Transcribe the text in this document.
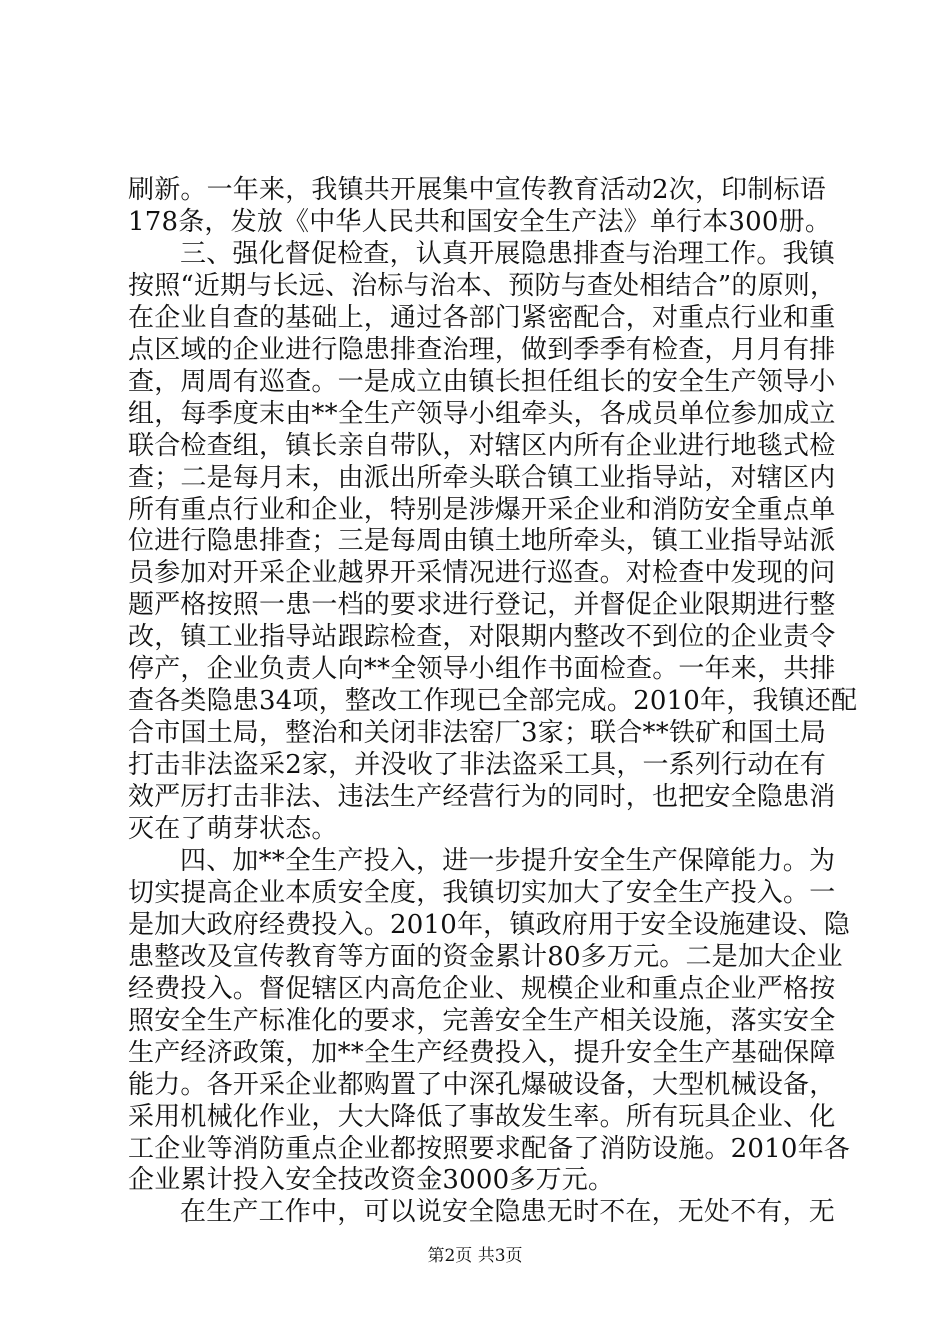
刷新。一年来，我镇共开展集中宣传教育活动2次，印制标语
178条，发放《中华人民共和国安全生产法》单行本300册。
三、强化督促检查，认真开展隐患排查与治理工作。我镇
按照“近期与长远、治标与治本、预防与查处相结合”的原则，
在企业自查的基础上，通过各部门紧密配合，对重点行业和重
点区域的企业进行隐患排查治理，做到季季有检查，月月有排
查，周周有巡查。一是成立由镇长担任组长的安全生产领导小
组，每季度末由**全生产领导小组牵头，各成员单位参加成立
联合检查组，镇长亲自带队，对辖区内所有企业进行地毯式检
查；二是每月末，由派出所牵头联合镇工业指导站，对辖区内
所有重点行业和企业，特别是涉爆开采企业和消防安全重点单
位进行隐患排查；三是每周由镇土地所牵头，镇工业指导站派
员参加对开采企业越界开采情况进行巡查。对检查中发现的问
题严格按照一患一档的要求进行登记，并督促企业限期进行整
改，镇工业指导站跟踪检查，对限期内整改不到位的企业责令
停产，企业负责人向**全领导小组作书面检查。一年来，共排
查各类隐患34项，整改工作现已全部完成。2010年，我镇还配
合市国土局，整治和关闭非法窑厂3家；联合**铁矿和国土局
打击非法盗采2家，并没收了非法盗采工具，一系列行动在有
效严厉打击非法、违法生产经营行为的同时，也把安全隐患消
灭在了萌芽状态。
四、加**全生产投入，进一步提升安全生产保障能力。为
切实提高企业本质安全度，我镇切实加大了安全生产投入。一
是加大政府经费投入。2010年，镇政府用于安全设施建设、隐
患整改及宣传教育等方面的资金累计80多万元。二是加大企业
经费投入。督促辖区内高危企业、规模企业和重点企业严格按
照安全生产标准化的要求，完善安全生产相关设施，落实安全
生产经济政策，加**全生产经费投入，提升安全生产基础保障
能力。各开采企业都购置了中深孔爆破设备，大型机械设备，
采用机械化作业，大大降低了事故发生率。所有玩具企业、化
工企业等消防重点企业都按照要求配备了消防设施。2010年各
企业累计投入安全技改资金3000多万元。
在生产工作中，可以说安全隐患无时不在，无处不有，无
第2页 共3页
